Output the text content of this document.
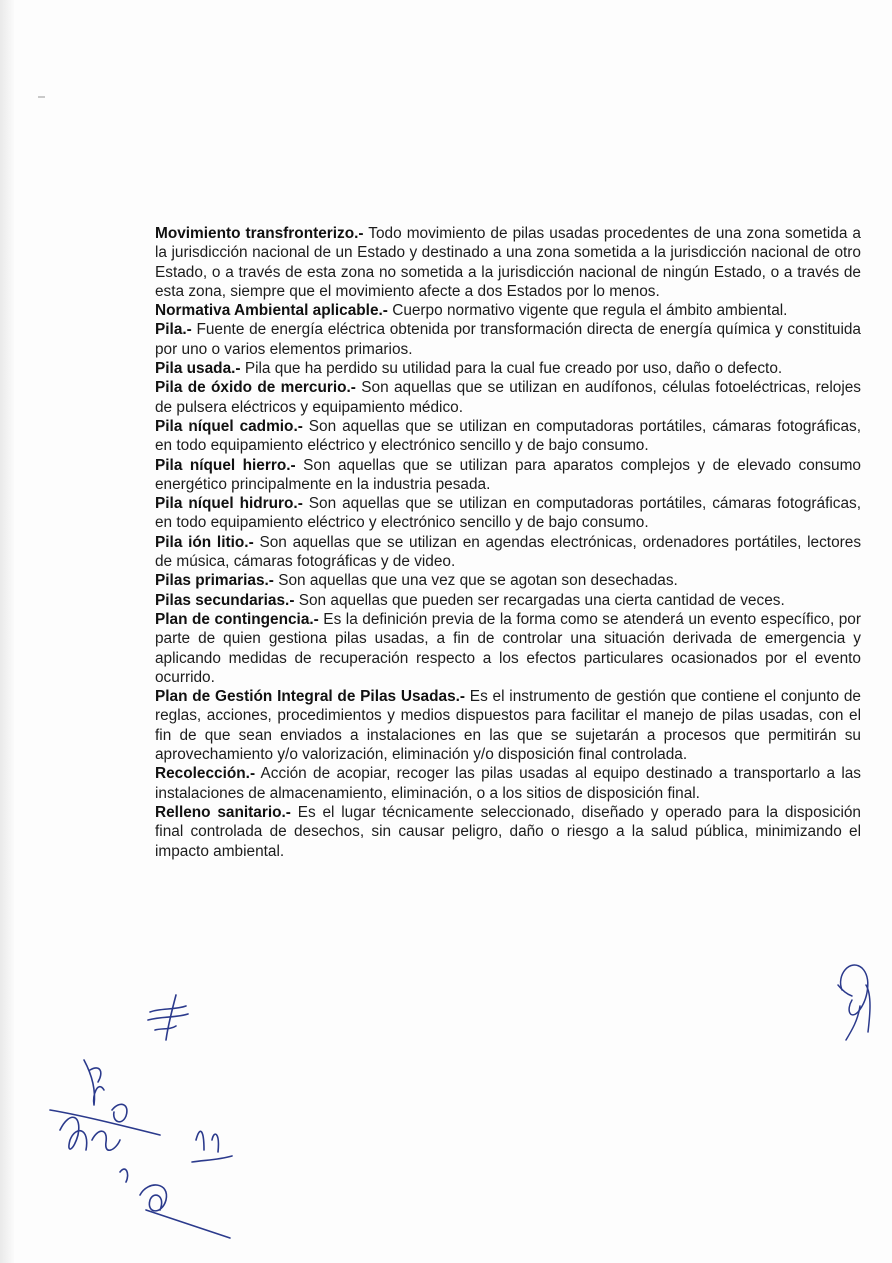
Movimiento transfronterizo.- Todo movimiento de pilas usadas procedentes de una zona sometida a la jurisdicción nacional de un Estado y destinado a una zona sometida a la jurisdicción nacional de otro Estado, o a través de esta zona no sometida a la jurisdicción nacional de ningún Estado, o a través de esta zona, siempre que el movimiento afecte a dos Estados por lo menos.

Normativa Ambiental aplicable.- Cuerpo normativo vigente que regula el ámbito ambiental.

Pila.- Fuente de energía eléctrica obtenida por transformación directa de energía química y constituida por uno o varios elementos primarios.

Pila usada.- Pila que ha perdido su utilidad para la cual fue creado por uso, daño o defecto.

Pila de óxido de mercurio.- Son aquellas que se utilizan en audífonos, células fotoeléctricas, relojes de pulsera eléctricos y equipamiento médico.

Pila níquel cadmio.- Son aquellas que se utilizan en computadoras portátiles, cámaras fotográficas, en todo equipamiento eléctrico y electrónico sencillo y de bajo consumo.

Pila níquel hierro.- Son aquellas que se utilizan para aparatos complejos y de elevado consumo energético principalmente en la industria pesada.

Pila níquel hidruro.- Son aquellas que se utilizan en computadoras portátiles, cámaras fotográficas, en todo equipamiento eléctrico y electrónico sencillo y de bajo consumo.

Pila ión litio.- Son aquellas que se utilizan en agendas electrónicas, ordenadores portátiles, lectores de música, cámaras fotográficas y de video.

Pilas primarias.- Son aquellas que una vez que se agotan son desechadas.

Pilas secundarias.- Son aquellas que pueden ser recargadas una cierta cantidad de veces.

Plan de contingencia.- Es la definición previa de la forma como se atenderá un evento específico, por parte de quien gestiona pilas usadas, a fin de controlar una situación derivada de emergencia y aplicando medidas de recuperación respecto a los efectos particulares ocasionados por el evento ocurrido.

Plan de Gestión Integral de Pilas Usadas.- Es el instrumento de gestión que contiene el conjunto de reglas, acciones, procedimientos y medios dispuestos para facilitar el manejo de pilas usadas, con el fin de que sean enviados a instalaciones en las que se sujetarán a procesos que permitirán su aprovechamiento y/o valorización, eliminación y/o disposición final controlada.

Recolección.- Acción de acopiar, recoger las pilas usadas al equipo destinado a transportarlo a las instalaciones de almacenamiento, eliminación, o a los sitios de disposición final.

Relleno sanitario.- Es el lugar técnicamente seleccionado, diseñado y operado para la disposición final controlada de desechos, sin causar peligro, daño o riesgo a la salud pública, minimizando el impacto ambiental.
